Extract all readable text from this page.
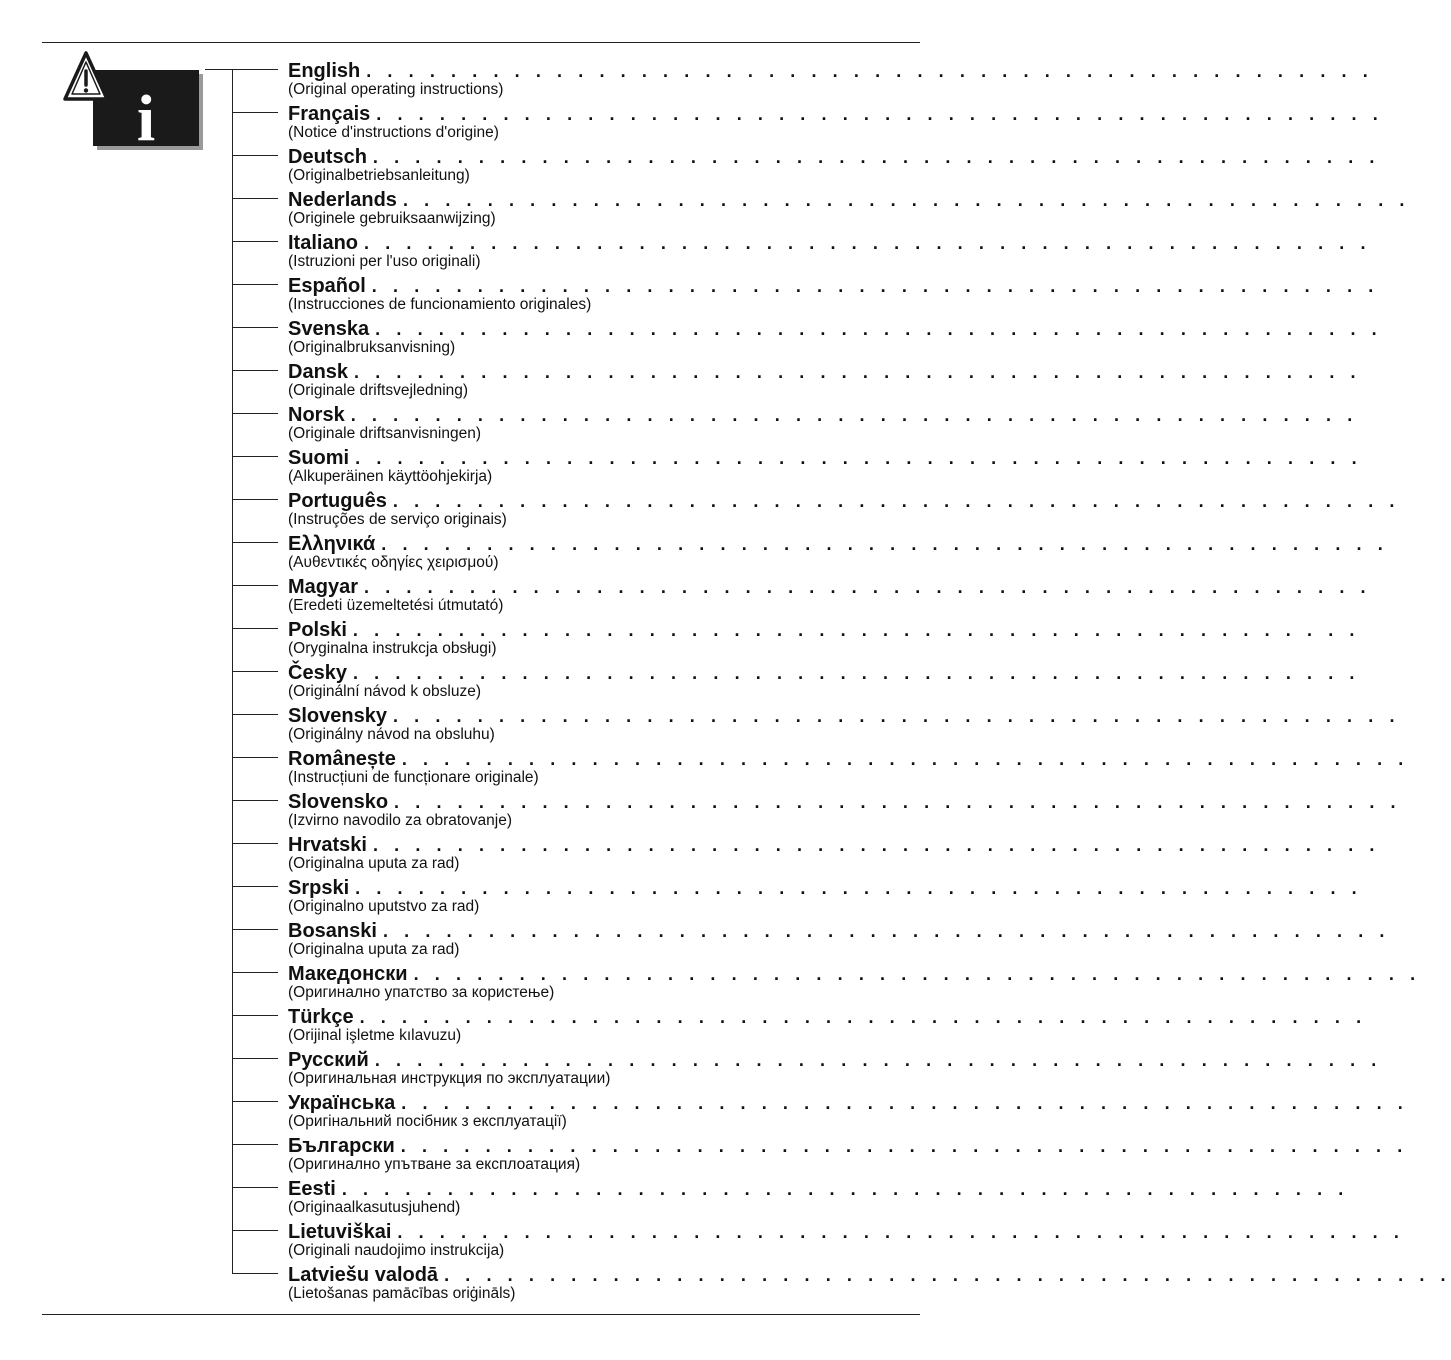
i
English . . . . . . . . . . . . . . . . . . . . . . . . . . . . . . . . . . . . . . . . . . . . . . . .
(Original operating instructions)
Français . . . . . . . . . . . . . . . . . . . . . . . . . . . . . . . . . . . . . . . . . . . . . . . .
(Notice d'instructions d'origine)
Deutsch . . . . . . . . . . . . . . . . . . . . . . . . . . . . . . . . . . . . . . . . . . . . . . . .
(Originalbetriebsanleitung)
Nederlands . . . . . . . . . . . . . . . . . . . . . . . . . . . . . . . . . . . . . . . . . . . . . . . .
(Originele gebruiksaanwijzing)
Italiano . . . . . . . . . . . . . . . . . . . . . . . . . . . . . . . . . . . . . . . . . . . . . . . .
(Istruzioni per l'uso originali)
Español . . . . . . . . . . . . . . . . . . . . . . . . . . . . . . . . . . . . . . . . . . . . . . . .
(Instrucciones de funcionamiento originales)
Svenska . . . . . . . . . . . . . . . . . . . . . . . . . . . . . . . . . . . . . . . . . . . . . . . .
(Originalbruksanvisning)
Dansk . . . . . . . . . . . . . . . . . . . . . . . . . . . . . . . . . . . . . . . . . . . . . . . .
(Originale driftsvejledning)
Norsk . . . . . . . . . . . . . . . . . . . . . . . . . . . . . . . . . . . . . . . . . . . . . . . .
(Originale driftsanvisningen)
Suomi . . . . . . . . . . . . . . . . . . . . . . . . . . . . . . . . . . . . . . . . . . . . . . . .
(Alkuperäinen käyttöohjekirja)
Português . . . . . . . . . . . . . . . . . . . . . . . . . . . . . . . . . . . . . . . . . . . . . . . .
(Instruções de serviço originais)
Ελληνικά . . . . . . . . . . . . . . . . . . . . . . . . . . . . . . . . . . . . . . . . . . . . . . . .
(Αυθεντικές οδηγίες χειρισμού)
Magyar . . . . . . . . . . . . . . . . . . . . . . . . . . . . . . . . . . . . . . . . . . . . . . . .
(Eredeti üzemeltetési útmutató)
Polski . . . . . . . . . . . . . . . . . . . . . . . . . . . . . . . . . . . . . . . . . . . . . . . .
(Oryginalna instrukcja obsługi)
Česky . . . . . . . . . . . . . . . . . . . . . . . . . . . . . . . . . . . . . . . . . . . . . . . .
(Originální návod k obsluze)
Slovensky . . . . . . . . . . . . . . . . . . . . . . . . . . . . . . . . . . . . . . . . . . . . . . . .
(Originálny návod na obsluhu)
Românește . . . . . . . . . . . . . . . . . . . . . . . . . . . . . . . . . . . . . . . . . . . . . . . .
(Instrucțiuni de funcționare originale)
Slovensko . . . . . . . . . . . . . . . . . . . . . . . . . . . . . . . . . . . . . . . . . . . . . . . .
(Izvirno navodilo za obratovanje)
Hrvatski . . . . . . . . . . . . . . . . . . . . . . . . . . . . . . . . . . . . . . . . . . . . . . . .
(Originalna uputa za rad)
Srpski . . . . . . . . . . . . . . . . . . . . . . . . . . . . . . . . . . . . . . . . . . . . . . . .
(Originalno uputstvo za rad)
Bosanski . . . . . . . . . . . . . . . . . . . . . . . . . . . . . . . . . . . . . . . . . . . . . . . .
(Originalna uputa za rad)
Македонски . . . . . . . . . . . . . . . . . . . . . . . . . . . . . . . . . . . . . . . . . . . . . . . .
(Оригинално упатство за користење)
Türkçe . . . . . . . . . . . . . . . . . . . . . . . . . . . . . . . . . . . . . . . . . . . . . . . .
(Orijinal işletme kılavuzu)
Русский . . . . . . . . . . . . . . . . . . . . . . . . . . . . . . . . . . . . . . . . . . . . . . . .
(Оригинальная инструкция по эксплуатации)
Українська . . . . . . . . . . . . . . . . . . . . . . . . . . . . . . . . . . . . . . . . . . . . . . . .
(Оригінальний посібник з експлуатації)
Български . . . . . . . . . . . . . . . . . . . . . . . . . . . . . . . . . . . . . . . . . . . . . . . .
(Оригинално упътване за експлоатация)
Eesti . . . . . . . . . . . . . . . . . . . . . . . . . . . . . . . . . . . . . . . . . . . . . . . .
(Originaalkasutusjuhend)
Lietuviškai . . . . . . . . . . . . . . . . . . . . . . . . . . . . . . . . . . . . . . . . . . . . . . . .
(Originali naudojimo instrukcija)
Latviešu valodā . . . . . . . . . . . . . . . . . . . . . . . . . . . . . . . . . . . . . . . . . . . . . . . .
(Lietošanas pamācības oriģināls)
